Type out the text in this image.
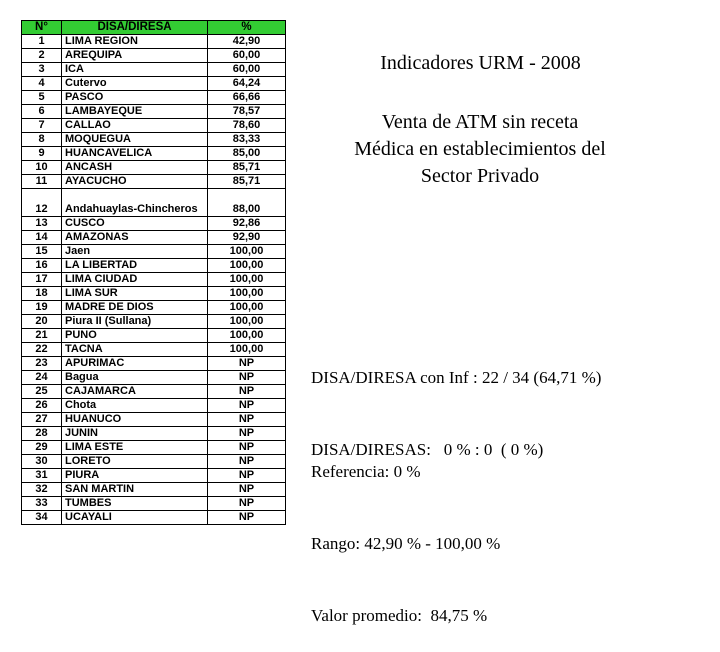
N°	DISA/DIRESA	%
1	LIMA REGION	42,90
2	AREQUIPA	60,00
3	ICA	60,00
4	Cutervo	64,24
5	PASCO	66,66
6	LAMBAYEQUE	78,57
7	CALLAO	78,60
8	MOQUEGUA	83,33
9	HUANCAVELICA	85,00
10	ANCASH	85,71
11	AYACUCHO	85,71
12	Andahuaylas-Chincheros	88,00
13	CUSCO	92,86
14	AMAZONAS	92,90
15	Jaen	100,00
16	LA LIBERTAD	100,00
17	LIMA CIUDAD	100,00
18	LIMA SUR	100,00
19	MADRE DE DIOS	100,00
20	Piura II (Sullana)	100,00
21	PUNO	100,00
22	TACNA	100,00
23	APURIMAC	NP
24	Bagua	NP
25	CAJAMARCA	NP
26	Chota	NP
27	HUANUCO	NP
28	JUNIN	NP
29	LIMA ESTE	NP
30	LORETO	NP
31	PIURA	NP
32	SAN MARTIN	NP
33	TUMBES	NP
34	UCAYALI	NP
Indicadores URM - 2008
Venta de ATM sin receta
Médica en establecimientos del
Sector Privado

DISA/DIRESA con Inf : 22 / 34 (64,71 %)

DISA/DIRESAS:   0 % : 0  ( 0 %)

Referencia: 0 %

Rango: 42,90 % - 100,00 %

Valor promedio:  84,75 %
